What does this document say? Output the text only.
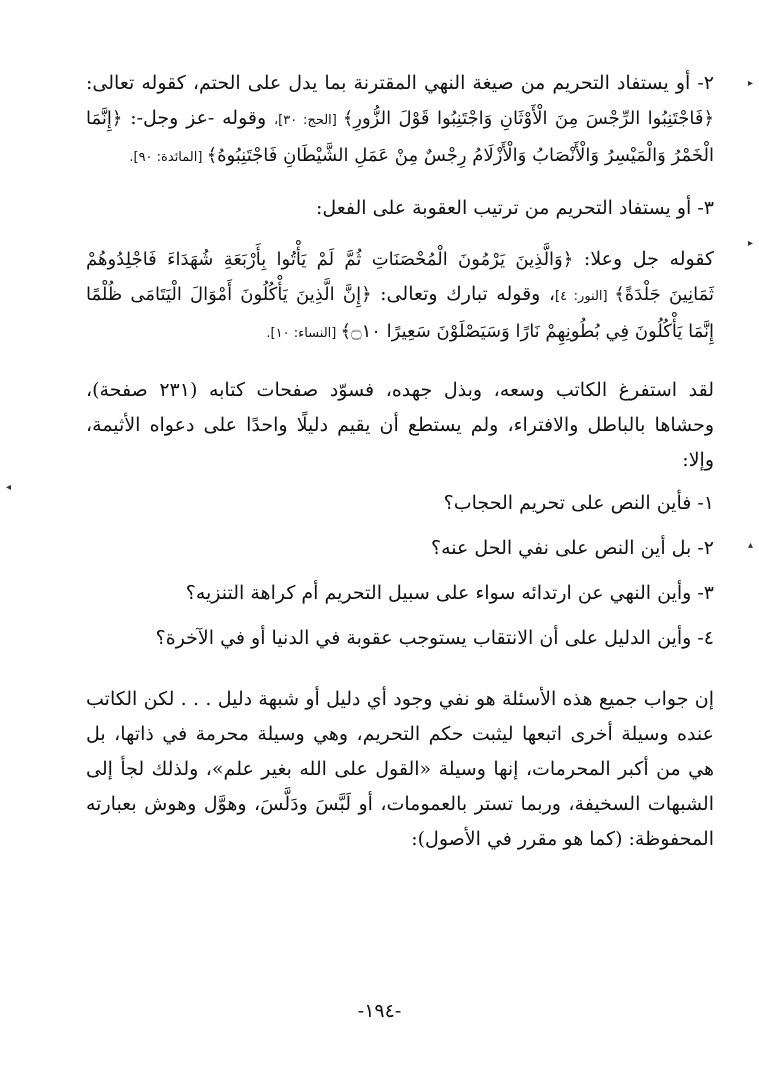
▸
▸
◂
▴

٢- أو يستفاد التحريم من صيغة النهي المقترنة بما يدل على الحتم، كقوله تعالى: ﴿فَاجْتَنِبُوا الرِّجْسَ مِنَ الْأَوْثَانِ وَاجْتَنِبُوا قَوْلَ الزُّورِ﴾ [الحج: ٣٠]، وقوله -عز وجل-: ﴿إِنَّمَا الْخَمْرُ وَالْمَيْسِرُ وَالْأَنْصَابُ وَالْأَزْلَامُ رِجْسٌ مِنْ عَمَلِ الشَّيْطَانِ فَاجْتَنِبُوهُ﴾ [المائدة: ٩٠].

٣- أو يستفاد التحريم من ترتيب العقوبة على الفعل:

كقوله جل وعلا: ﴿وَالَّذِينَ يَرْمُونَ الْمُحْصَنَاتِ ثُمَّ لَمْ يَأْتُوا بِأَرْبَعَةِ شُهَدَاءَ فَاجْلِدُوهُمْ ثَمَانِينَ جَلْدَةً﴾ [النور: ٤]، وقوله تبارك وتعالى: ﴿إِنَّ الَّذِينَ يَأْكُلُونَ أَمْوَالَ الْيَتَامَى ظُلْمًا إِنَّمَا يَأْكُلُونَ فِي بُطُونِهِمْ نَارًا وَسَيَصْلَوْنَ سَعِيرًا ۝١٠﴾ [النساء: ١٠].

لقد استفرغ الكاتب وسعه، وبذل جهده، فسوّد صفحات كتابه (٢٣١ صفحة)، وحشاها بالباطل والافتراء، ولم يستطع أن يقيم دليلًا واحدًا على دعواه الأثيمة، وإلا:

١- فأين النص على تحريم الحجاب؟

٢- بل أين النص على نفي الحل عنه؟

٣- وأين النهي عن ارتدائه سواء على سبيل التحريم أم كراهة التنزيه؟

٤- وأين الدليل على أن الانتقاب يستوجب عقوبة في الدنيا أو في الآخرة؟

إن جواب جميع هذه الأسئلة هو نفي وجود أي دليل أو شبهة دليل . . . لكن الكاتب عنده وسيلة أخرى اتبعها ليثبت حكم التحريم، وهي وسيلة محرمة في ذاتها، بل هي من أكبر المحرمات، إنها وسيلة «القول على الله بغير علم»، ولذلك لجأ إلى الشبهات السخيفة، وربما تستر بالعمومات، أو لَبَّسَ ودَلَّسَ، وهوَّل وهوش بعبارته المحفوظة: (كما هو مقرر في الأصول):

-١٩٤-
